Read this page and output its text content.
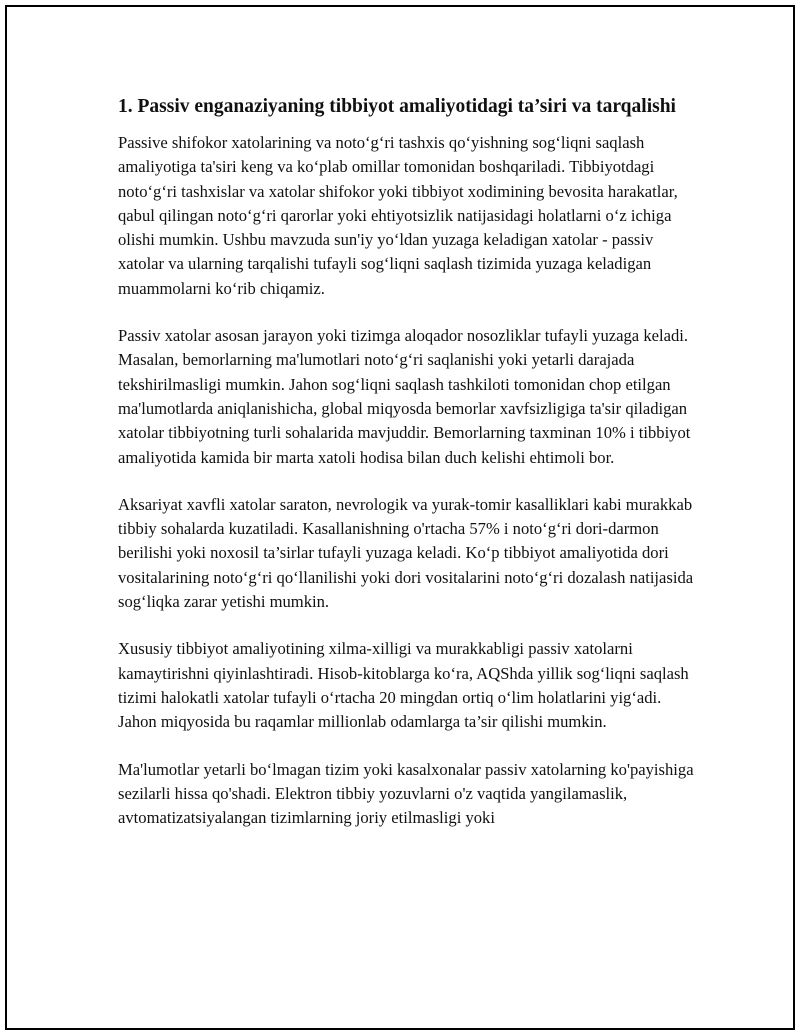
1. Passiv enganaziyaning tibbiyot amaliyotidagi ta’siri va tarqalishi

Passive shifokor xatolarining va noto‘g‘ri tashxis qo‘yishning sog‘liqni saqlash amaliyotiga ta'siri keng va ko‘plab omillar tomonidan boshqariladi. Tibbiyotdagi noto‘g‘ri tashxislar va xatolar shifokor yoki tibbiyot xodimining bevosita harakatlar, qabul qilingan noto‘g‘ri qarorlar yoki ehtiyotsizlik natijasidagi holatlarni o‘z ichiga olishi mumkin. Ushbu mavzuda sun'iy yo‘ldan yuzaga keladigan xatolar - passiv xatolar va ularning tarqalishi tufayli sog‘liqni saqlash tizimida yuzaga keladigan muammolarni ko‘rib chiqamiz.

Passiv xatolar asosan jarayon yoki tizimga aloqador nosozliklar tufayli yuzaga keladi. Masalan, bemorlarning ma'lumotlari noto‘g‘ri saqlanishi yoki yetarli darajada tekshirilmasligi mumkin. Jahon sog‘liqni saqlash tashkiloti tomonidan chop etilgan ma'lumotlarda aniqlanishicha, global miqyosda bemorlar xavfsizligiga ta'sir qiladigan xatolar tibbiyotning turli sohalarida mavjuddir. Bemorlarning taxminan 10% i tibbiyot amaliyotida kamida bir marta xatoli hodisa bilan duch kelishi ehtimoli bor.

Aksariyat xavfli xatolar saraton, nevrologik va yurak-tomir kasalliklari kabi murakkab tibbiy sohalarda kuzatiladi. Kasallanishning o'rtacha 57% i noto‘g‘ri dori-darmon berilishi yoki noxosil ta’sirlar tufayli yuzaga keladi. Ko‘p tibbiyot amaliyotida dori vositalarining noto‘g‘ri qo‘llanilishi yoki dori vositalarini noto‘g‘ri dozalash natijasida sog‘liqka zarar yetishi mumkin.

Xususiy tibbiyot amaliyotining xilma-xilligi va murakkabligi passiv xatolarni kamaytirishni qiyinlashtiradi. Hisob-kitoblarga ko‘ra, AQShda yillik sog‘liqni saqlash tizimi halokatli xatolar tufayli o‘rtacha 20 mingdan ortiq o‘lim holatlarini yig‘adi. Jahon miqyosida bu raqamlar millionlab odamlarga ta’sir qilishi mumkin.

Ma'lumotlar yetarli bo‘lmagan tizim yoki kasalxonalar passiv xatolarning ko'payishiga sezilarli hissa qo'shadi. Elektron tibbiy yozuvlarni o'z vaqtida yangilamaslik, avtomatizatsiyalangan tizimlarning joriy etilmasligi yoki
